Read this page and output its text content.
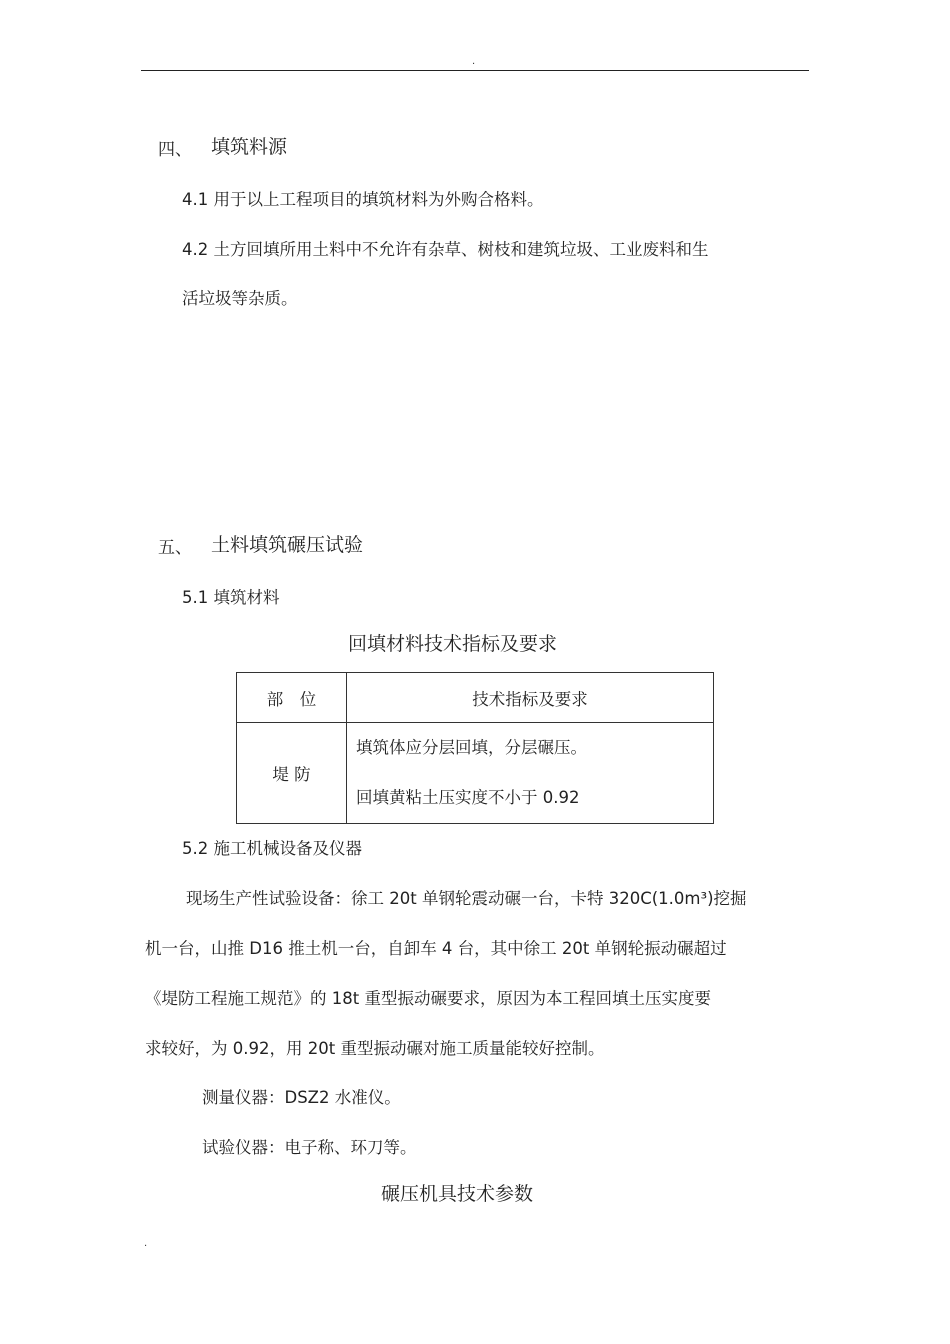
.
四、 填筑料源
4.1 用于以上工程项目的填筑材料为外购合格料。
4.2 土方回填所用土料中不允许有杂草、树枝和建筑垃圾、工业废料和生
活垃圾等杂质。
五、 土料填筑碾压试验
5.1 填筑材料
回填材料技术指标及要求
部　位	技术指标及要求
堤 防	填筑体应分层回填，分层碾压。
回填黄粘土压实度不小于 0.92
5.2 施工机械设备及仪器
现场生产性试验设备：徐工 20t 单钢轮震动碾一台，卡特 320C(1.0m³)挖掘
机一台，山推 D16 推土机一台，自卸车 4 台，其中徐工 20t 单钢轮振动碾超过
《堤防工程施工规范》的 18t 重型振动碾要求，原因为本工程回填土压实度要
求较好，为 0.92，用 20t 重型振动碾对施工质量能较好控制。
测量仪器：DSZ2 水准仪。
试验仪器：电子称、环刀等。
碾压机具技术参数
.
